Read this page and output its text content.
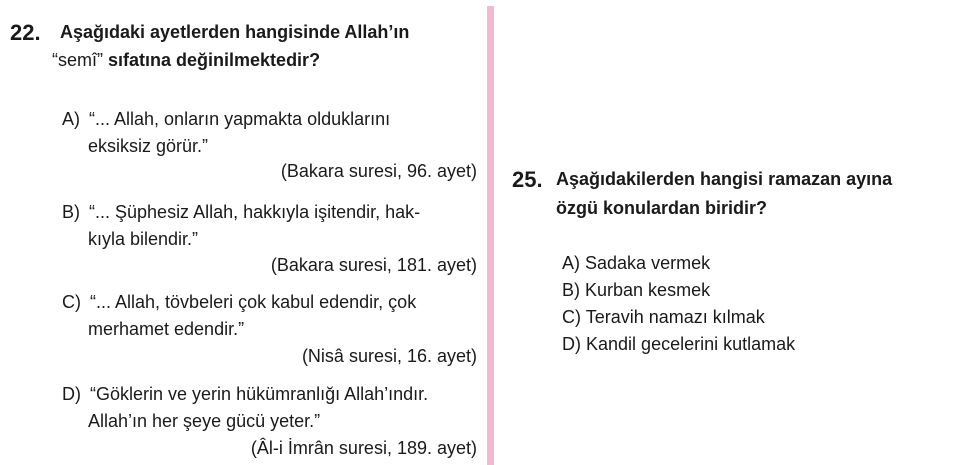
22. Aşağıdaki ayetlerden hangisinde Allah’ın
“semî” sıfatına değinilmektedir?
A) “... Allah, onların yapmakta olduklarını
eksiksiz görür.”
(Bakara suresi, 96. ayet)
B) “... Şüphesiz Allah, hakkıyla işitendir, hak-
kıyla bilendir.”
(Bakara suresi, 181. ayet)
C) “... Allah, tövbeleri çok kabul edendir, çok
merhamet edendir.”
(Nisâ suresi, 16. ayet)
D) “Göklerin ve yerin hükümranlığı Allah’ındır.
Allah’ın her şeye gücü yeter.”
(Âl-i İmrân suresi, 189. ayet)
25. Aşağıdakilerden hangisi ramazan ayına
özgü konulardan biridir?
A) Sadaka vermek
B) Kurban kesmek
C) Teravih namazı kılmak
D) Kandil gecelerini kutlamak
